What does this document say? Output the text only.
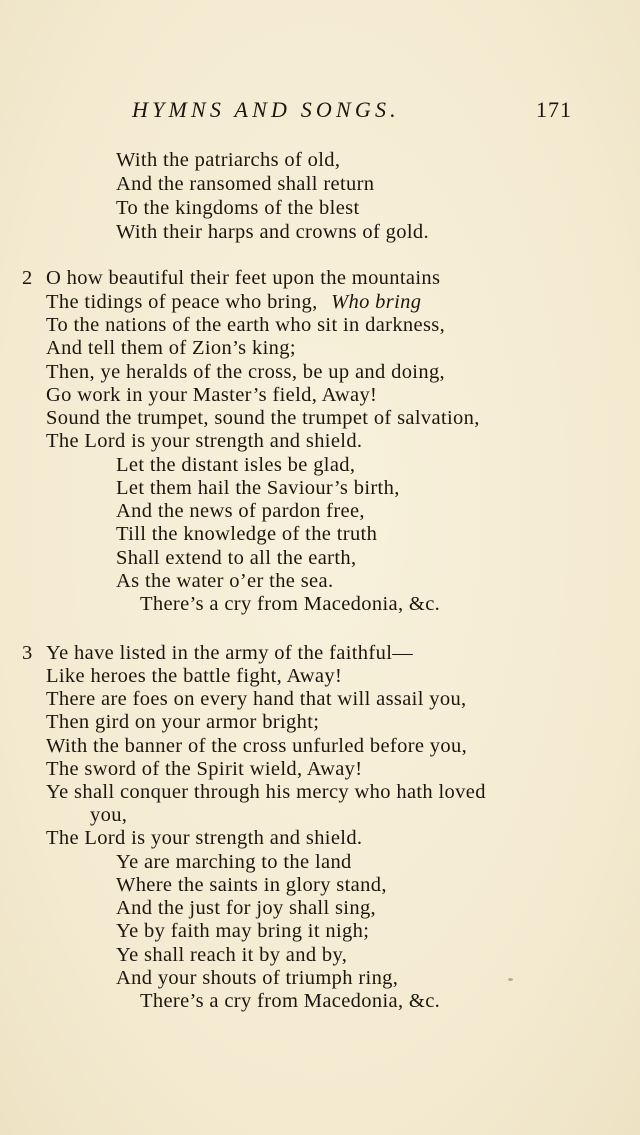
HYMNS AND SONGS.	171
With the patriarchs of old,
And the ransomed shall return
To the kingdoms of the blest
With their harps and crowns of gold.
2 O how beautiful their feet upon the mountains
The tidings of peace who bring, Who bring
To the nations of the earth who sit in darkness,
And tell them of Zion’s king;
Then, ye heralds of the cross, be up and doing,
Go work in your Master’s field, Away!
Sound the trumpet, sound the trumpet of salvation,
The Lord is your strength and shield.
Let the distant isles be glad,
Let them hail the Saviour’s birth,
And the news of pardon free,
Till the knowledge of the truth
Shall extend to all the earth,
As the water o’er the sea.
There’s a cry from Macedonia, &c.
3 Ye have listed in the army of the faithful—
Like heroes the battle fight, Away!
There are foes on every hand that will assail you,
Then gird on your armor bright;
With the banner of the cross unfurled before you,
The sword of the Spirit wield, Away!
Ye shall conquer through his mercy who hath loved
you,
The Lord is your strength and shield.
Ye are marching to the land
Where the saints in glory stand,
And the just for joy shall sing,
Ye by faith may bring it nigh;
Ye shall reach it by and by,
And your shouts of triumph ring,
There’s a cry from Macedonia, &c.
